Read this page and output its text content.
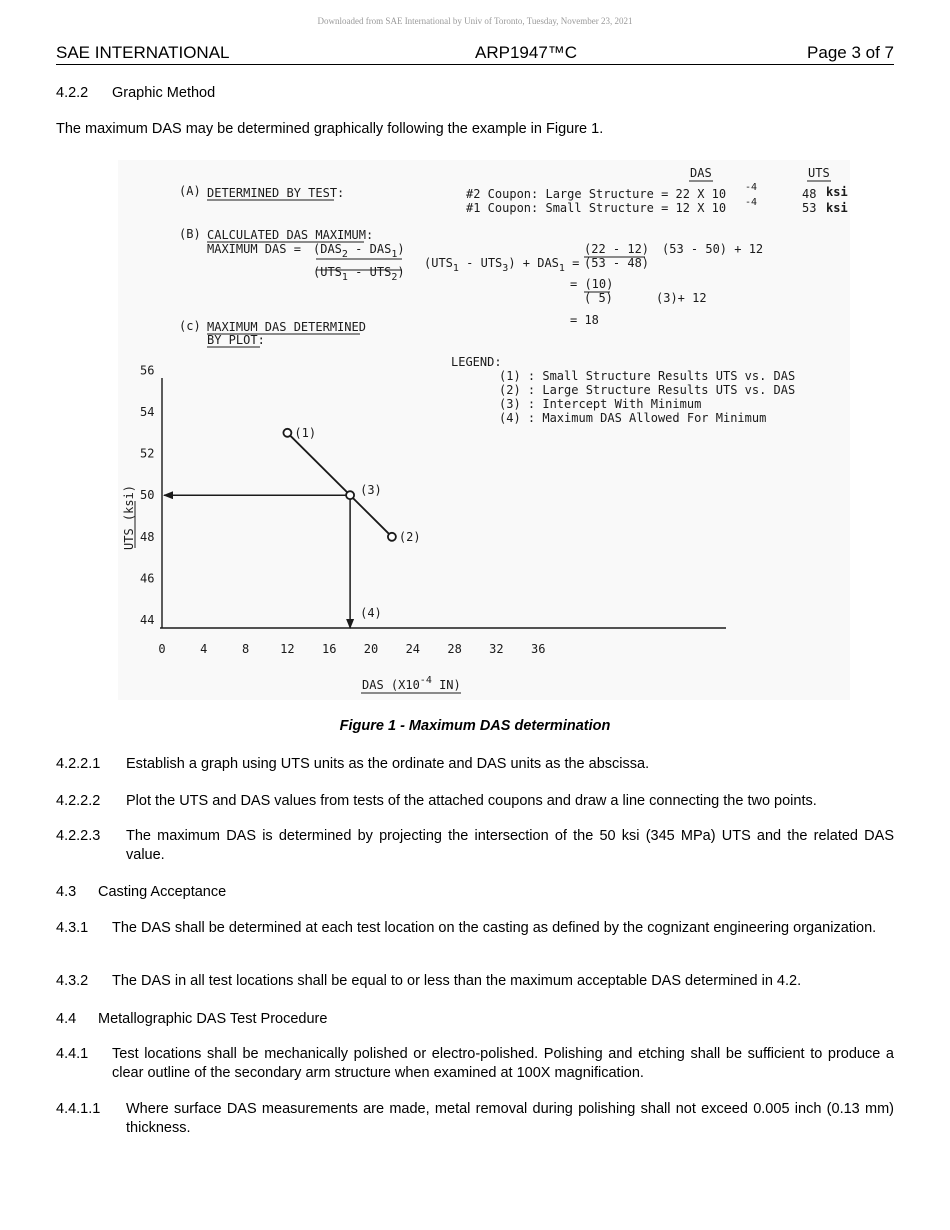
Downloaded from SAE International by Univ of Toronto, Tuesday, November 23, 2021
SAE INTERNATIONAL	ARP1947™C	Page 3 of 7
4.2.2 Graphic Method
The maximum DAS may be determined graphically following the example in Figure 1.
DAS	UTS
#2 Coupon: Large Structure = 22 X 10 -4	48 ksi
#1 Coupon: Small Structure = 12 X 10 -4	53 ksi
(A) DETERMINED BY TEST:
(B) CALCULATED DAS MAXIMUM:
MAXIMUM DAS = $(DAS_2 - DAS_1)$
$(UTS_1 - UTS_2)$
$(UTS_1 - UTS_3) + DAS_1$ =
(22 - 12) (53 - 50) + 12
(53 - 48)
= (10)
( 5)	(3)+ 12
= 18
(c) MAXIMUM DAS DETERMINED
BY PLOT:
LEGEND:
(1) : Small Structure Results UTS vs. DAS
(2) : Large Structure Results UTS vs. DAS
(3) : Intercept With Minimum
(4) : Maximum DAS Allowed For Minimum
UTS (ksi)
DAS ($X10^{-4}$ IN)
56
54
52
50
48
46
44
0	4	8	12 16 20 24 28 32 36
(1)
(2)
(3)
(4)
Figure 1 - Maximum DAS determination
4.2.2.1 Establish a graph using UTS units as the ordinate and DAS units as the abscissa.
4.2.2.2 Plot the UTS and DAS values from tests of the attached coupons and draw a line connecting the two points.
4.2.2.3 The maximum DAS is determined by projecting the intersection of the 50 ksi (345 MPa) UTS and the related DAS value.
4.3 Casting Acceptance
4.3.1 The DAS shall be determined at each test location on the casting as defined by the cognizant engineering organization.
4.3.2 The DAS in all test locations shall be equal to or less than the maximum acceptable DAS determined in 4.2.
4.4 Metallographic DAS Test Procedure
4.4.1 Test locations shall be mechanically polished or electro-polished. Polishing and etching shall be sufficient to produce a clear outline of the secondary arm structure when examined at 100X magnification.
4.4.1.1 Where surface DAS measurements are made, metal removal during polishing shall not exceed 0.005 inch (0.13 mm) thickness.
